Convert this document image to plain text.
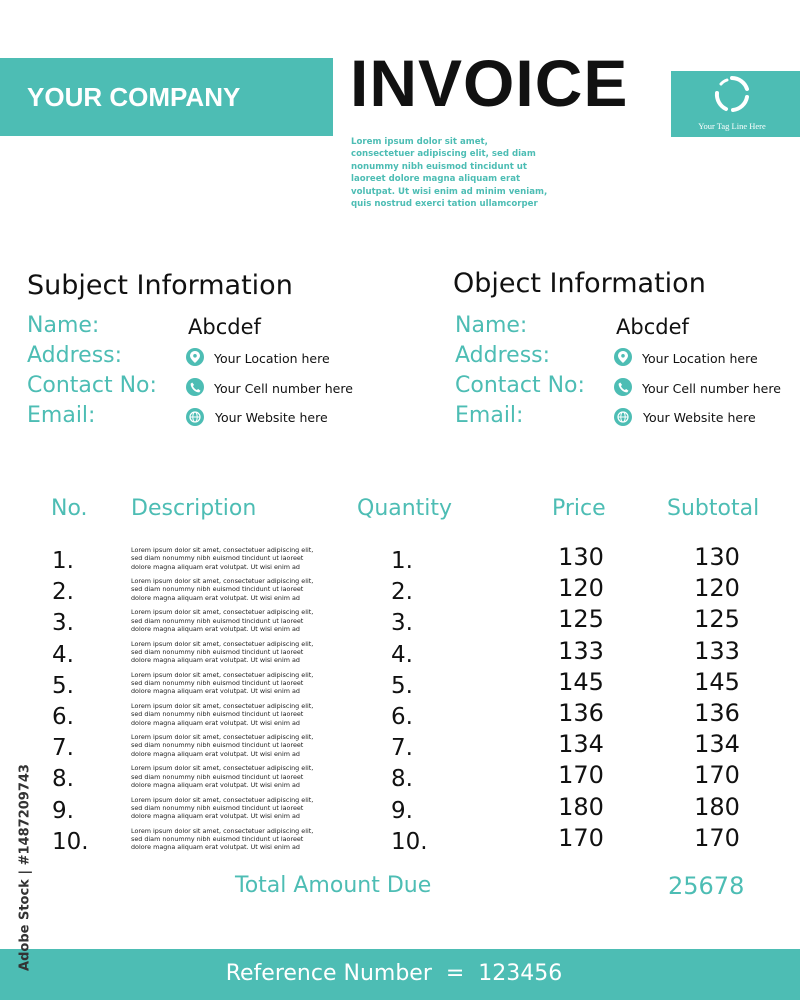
YOUR COMPANY INVOICE
Lorem ipsum dolor sit amet, consectetuer adipiscing elit, sed diam nonummy nibh euismod tincidunt ut laoreet dolore magna aliquam erat volutpat. Ut wisi enim ad minim veniam, quis nostrud exerci tation ullamcorper
Your Tag Line Here
Subject Information
Name:	Abcdef
Address:	Your Location here
Contact No:	Your Cell number here
Email:	Your Website here
Object Information
Name:	Abcdef
Address:	Your Location here
Contact No:	Your Cell number here
Email:	Your Website here
No. Description	Quantity	Price	Subtotal
1.	Lorem ipsum dolor sit amet, consectetuer adipiscing elit, sed diam nonummy nibh euismod tincidunt ut laoreet dolore magna aliquam erat volutpat. Ut wisi enim ad	1.	130	130
2.	Lorem ipsum dolor sit amet, consectetuer adipiscing elit, sed diam nonummy nibh euismod tincidunt ut laoreet dolore magna aliquam erat volutpat. Ut wisi enim ad	2.	120	120
3.	Lorem ipsum dolor sit amet, consectetuer adipiscing elit, sed diam nonummy nibh euismod tincidunt ut laoreet dolore magna aliquam erat volutpat. Ut wisi enim ad	3.	125	125
4.	Lorem ipsum dolor sit amet, consectetuer adipiscing elit, sed diam nonummy nibh euismod tincidunt ut laoreet dolore magna aliquam erat volutpat. Ut wisi enim ad	4.	133	133
5.	Lorem ipsum dolor sit amet, consectetuer adipiscing elit, sed diam nonummy nibh euismod tincidunt ut laoreet dolore magna aliquam erat volutpat. Ut wisi enim ad	5.	145	145
6.	Lorem ipsum dolor sit amet, consectetuer adipiscing elit, sed diam nonummy nibh euismod tincidunt ut laoreet dolore magna aliquam erat volutpat. Ut wisi enim ad	6.	136	136
7.	Lorem ipsum dolor sit amet, consectetuer adipiscing elit, sed diam nonummy nibh euismod tincidunt ut laoreet dolore magna aliquam erat volutpat. Ut wisi enim ad	7.	134	134
8.	Lorem ipsum dolor sit amet, consectetuer adipiscing elit, sed diam nonummy nibh euismod tincidunt ut laoreet dolore magna aliquam erat volutpat. Ut wisi enim ad	8.	170	170
9.	Lorem ipsum dolor sit amet, consectetuer adipiscing elit, sed diam nonummy nibh euismod tincidunt ut laoreet dolore magna aliquam erat volutpat. Ut wisi enim ad	9.	180	180
10.	Lorem ipsum dolor sit amet, consectetuer adipiscing elit, sed diam nonummy nibh euismod tincidunt ut laoreet dolore magna aliquam erat volutpat. Ut wisi enim ad	10.	170	170
Total Amount Due	25678
Reference Number  =  123456
Adobe Stock | #1487209743
